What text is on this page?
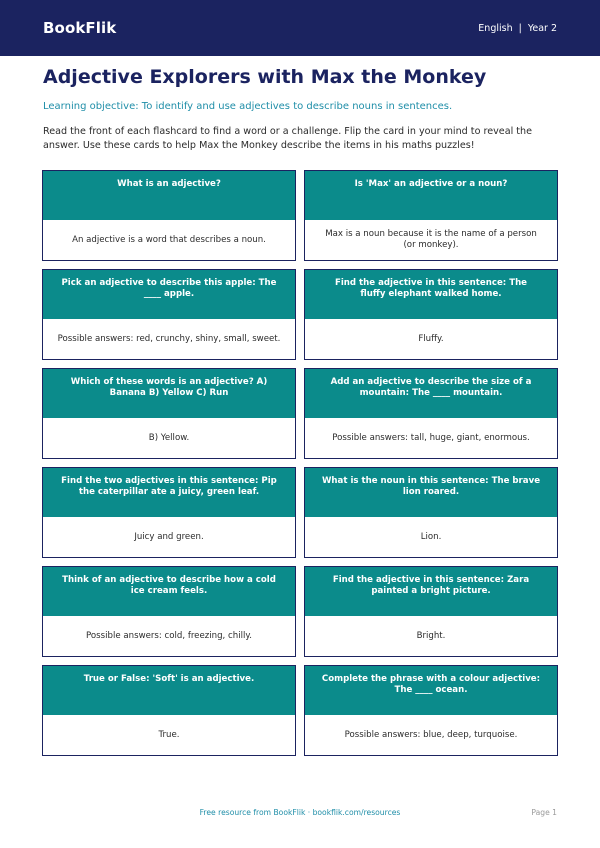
BookFlik	English | Year 2
Adjective Explorers with Max the Monkey

Learning objective: To identify and use adjectives to describe nouns in sentences.

Read the front of each flashcard to find a word or a challenge. Flip the card in your mind to reveal the answer. Use these cards to help Max the Monkey describe the items in his maths puzzles!

What is an adjective?
An adjective is a word that describes a noun.
Is 'Max' an adjective or a noun?
Max is a noun because it is the name of a person (or monkey).
Pick an adjective to describe this apple: The ____ apple.
Possible answers: red, crunchy, shiny, small, sweet.
Find the adjective in this sentence: The fluffy elephant walked home.
Fluffy.
Which of these words is an adjective? A) Banana B) Yellow C) Run
B) Yellow.
Add an adjective to describe the size of a mountain: The ____ mountain.
Possible answers: tall, huge, giant, enormous.
Find the two adjectives in this sentence: Pip the caterpillar ate a juicy, green leaf.
Juicy and green.
What is the noun in this sentence: The brave lion roared.
Lion.
Think of an adjective to describe how a cold ice cream feels.
Possible answers: cold, freezing, chilly.
Find the adjective in this sentence: Zara painted a bright picture.
Bright.
True or False: 'Soft' is an adjective.
True.
Complete the phrase with a colour adjective: The ____ ocean.
Possible answers: blue, deep, turquoise.
Free resource from BookFlik · bookflik.com/resources	Page 1
